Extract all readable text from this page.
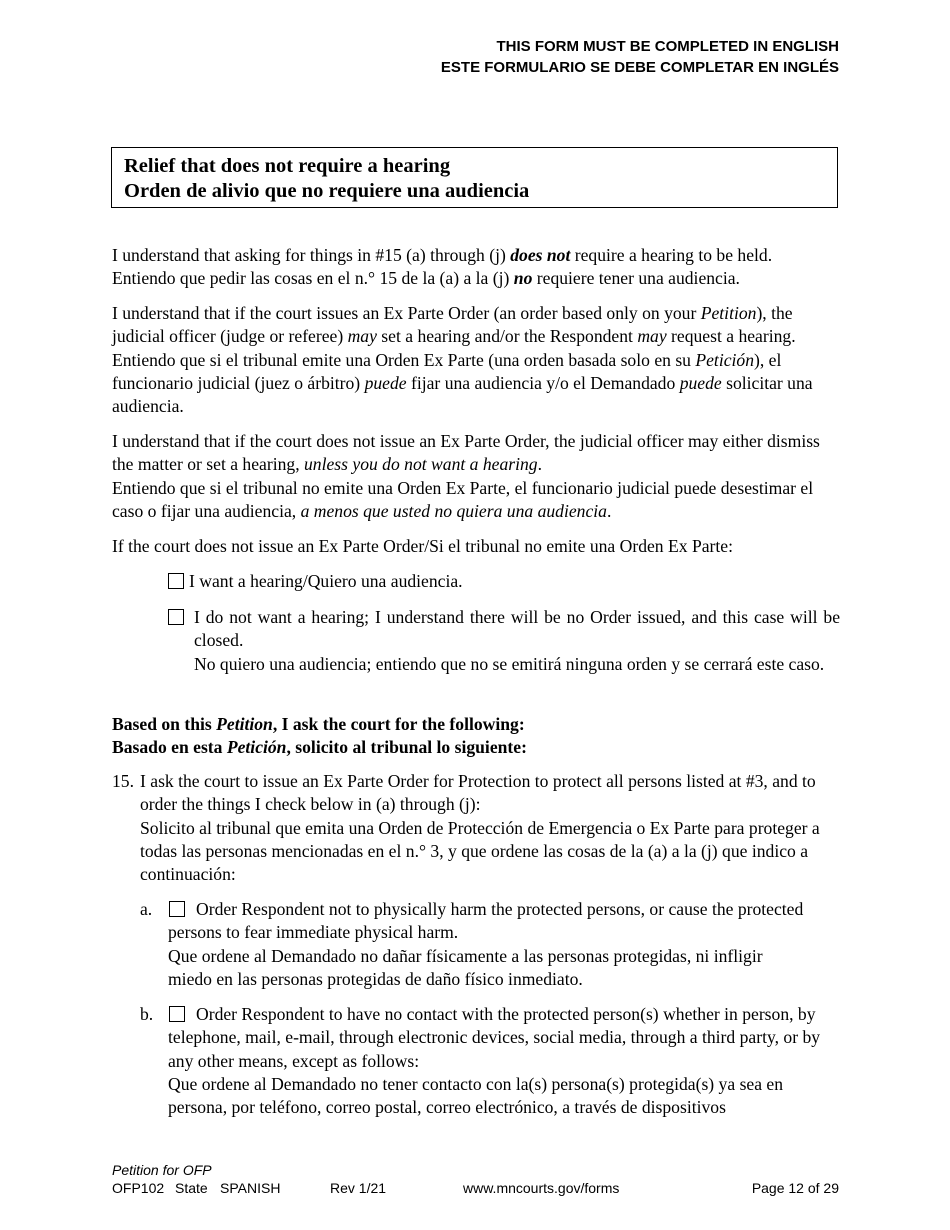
THIS FORM MUST BE COMPLETED IN ENGLISH
ESTE FORMULARIO SE DEBE COMPLETAR EN INGLÉS
Relief that does not require a hearing
Orden de alivio que no requiere una audiencia
I understand that asking for things in #15 (a) through (j) does not require a hearing to be held.
Entiendo que pedir las cosas en el n.° 15 de la (a) a la (j) no requiere tener una audiencia.
I understand that if the court issues an Ex Parte Order (an order based only on your Petition), the judicial officer (judge or referee) may set a hearing and/or the Respondent may request a hearing.
Entiendo que si el tribunal emite una Orden Ex Parte (una orden basada solo en su Petición), el funcionario judicial (juez o árbitro) puede fijar una audiencia y/o el Demandado puede solicitar una audiencia.
I understand that if the court does not issue an Ex Parte Order, the judicial officer may either dismiss the matter or set a hearing, unless you do not want a hearing.
Entiendo que si el tribunal no emite una Orden Ex Parte, el funcionario judicial puede desestimar el caso o fijar una audiencia, a menos que usted no quiera una audiencia.
If the court does not issue an Ex Parte Order/Si el tribunal no emite una Orden Ex Parte:
I want a hearing/Quiero una audiencia.
I do not want a hearing; I understand there will be no Order issued, and this case will be closed.
No quiero una audiencia; entiendo que no se emitirá ninguna orden y se cerrará este caso.
Based on this Petition, I ask the court for the following:
Basado en esta Petición, solicito al tribunal lo siguiente:
15. I ask the court to issue an Ex Parte Order for Protection to protect all persons listed at #3, and to order the things I check below in (a) through (j):
Solicito al tribunal que emita una Orden de Protección de Emergencia o Ex Parte para proteger a todas las personas mencionadas en el n.° 3, y que ordene las cosas de la (a) a la (j) que indico a continuación:
a.	Order Respondent not to physically harm the protected persons, or cause the protected persons to fear immediate physical harm.
Que ordene al Demandado no dañar físicamente a las personas protegidas, ni infligir miedo en las personas protegidas de daño físico inmediato.
b.	Order Respondent to have no contact with the protected person(s) whether in person, by telephone, mail, e-mail, through electronic devices, social media, through a third party, or by any other means, except as follows:
Que ordene al Demandado no tener contacto con la(s) persona(s) protegida(s) ya sea en persona, por teléfono, correo postal, correo electrónico, a través de dispositivos
Petition for OFP
OFP102 State SPANISH	Rev 1/21	www.mncourts.gov/forms	Page 12 of 29
